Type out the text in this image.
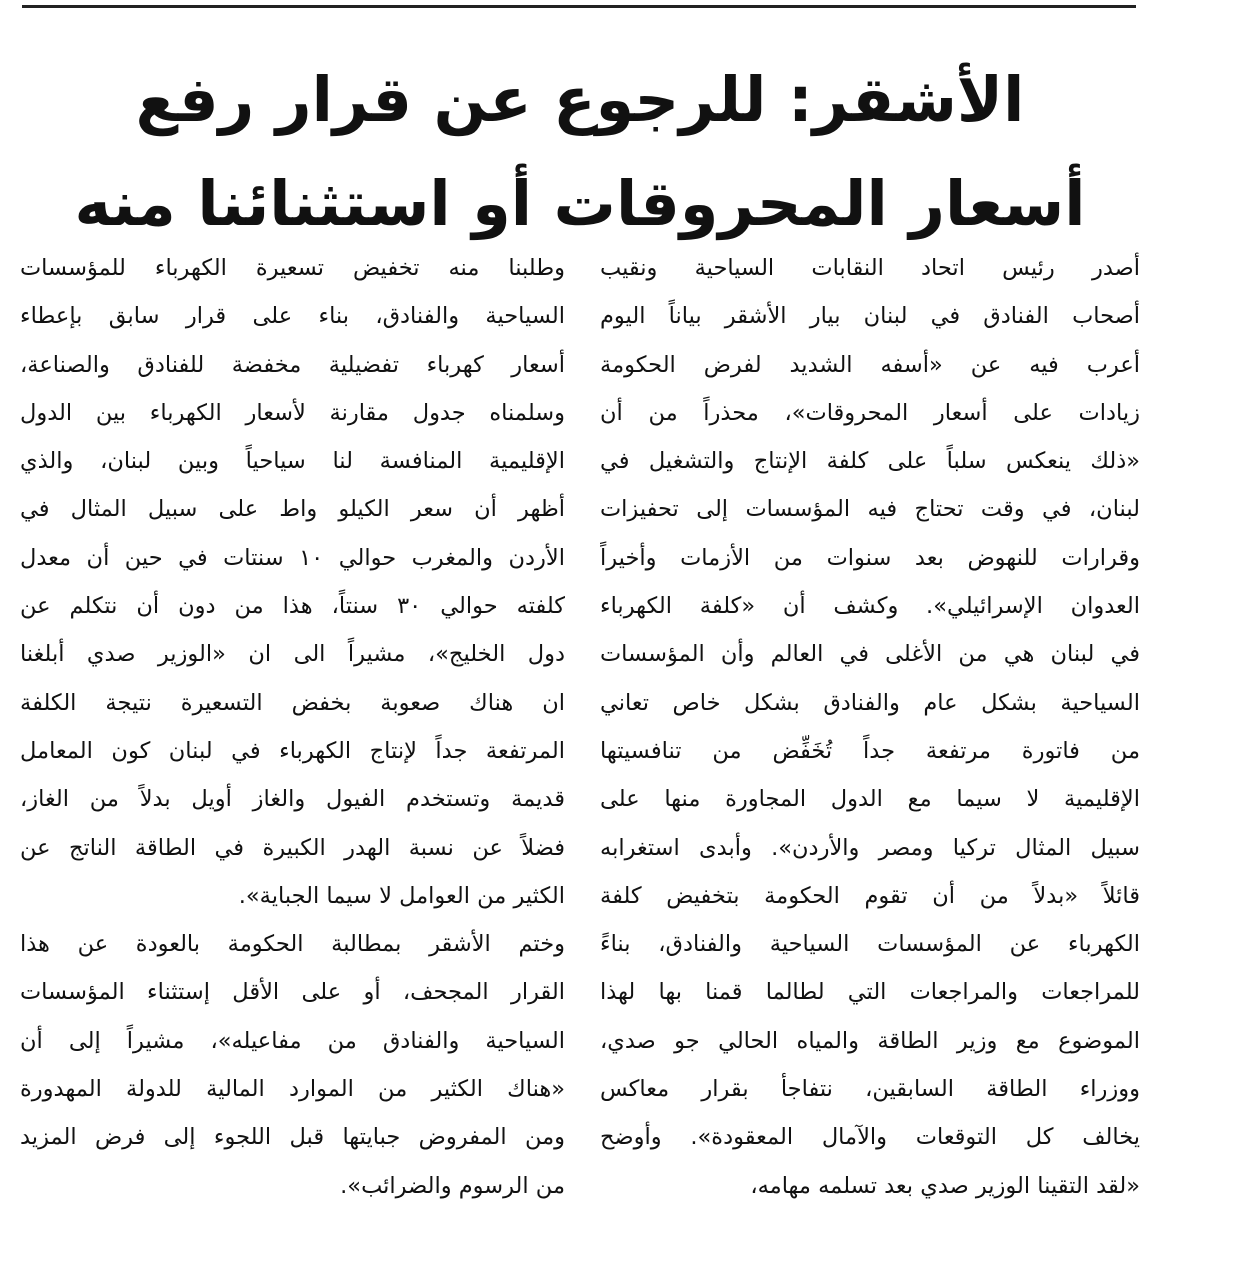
الأشقر: للرجوع عن قرار رفع
أسعار المحروقات أو استثنائنا منه
أصدر رئيس اتحاد النقابات السياحية ونقيب
أصحاب الفنادق في لبنان بيار الأشقر بياناً اليوم
أعرب فيه عن «أسفه الشديد لفرض الحكومة
زيادات على أسعار المحروقات»، محذراً من أن
«ذلك ينعكس سلباً على كلفة الإنتاج والتشغيل في
لبنان، في وقت تحتاج فيه المؤسسات إلى تحفيزات
وقرارات للنهوض بعد سنوات من الأزمات وأخيراً
العدوان الإسرائيلي». وكشف أن «كلفة الكهرباء
في لبنان هي من الأغلى في العالم وأن المؤسسات
السياحية بشكل عام والفنادق بشكل خاص تعاني
من فاتورة مرتفعة جداً تُخَفِّض من تنافسيتها
الإقليمية لا سيما مع الدول المجاورة منها على
سبيل المثال تركيا ومصر والأردن». وأبدى استغرابه
قائلاً «بدلاً من أن تقوم الحكومة بتخفيض كلفة
الكهرباء عن المؤسسات السياحية والفنادق، بناءً
للمراجعات والمراجعات التي لطالما قمنا بها لهذا
الموضوع مع وزير الطاقة والمياه الحالي جو صدي،
ووزراء الطاقة السابقين، نتفاجأ بقرار معاكس
يخالف كل التوقعات والآمال المعقودة». وأوضح
«لقد التقينا الوزير صدي بعد تسلمه مهامه،
وطلبنا منه تخفيض تسعيرة الكهرباء للمؤسسات
السياحية والفنادق، بناء على قرار سابق بإعطاء
أسعار كهرباء تفضيلية مخفضة للفنادق والصناعة،
وسلمناه جدول مقارنة لأسعار الكهرباء بين الدول
الإقليمية المنافسة لنا سياحياً وبين لبنان، والذي
أظهر أن سعر الكيلو واط على سبيل المثال في
الأردن والمغرب حوالي ١٠ سنتات في حين أن معدل
كلفته حوالي ٣٠ سنتاً، هذا من دون أن نتكلم عن
دول الخليج»، مشيراً الى ان «الوزير صدي أبلغنا
ان هناك صعوبة بخفض التسعيرة نتيجة الكلفة
المرتفعة جداً لإنتاج الكهرباء في لبنان كون المعامل
قديمة وتستخدم الفيول والغاز أويل بدلاً من الغاز،
فضلاً عن نسبة الهدر الكبيرة في الطاقة الناتج عن
الكثير من العوامل لا سيما الجباية».
وختم الأشقر بمطالبة الحكومة بالعودة عن هذا
القرار المجحف، أو على الأقل إستثناء المؤسسات
السياحية والفنادق من مفاعيله»، مشيراً إلى أن
«هناك الكثير من الموارد المالية للدولة المهدورة
ومن المفروض جبايتها قبل اللجوء إلى فرض المزيد
من الرسوم والضرائب».
